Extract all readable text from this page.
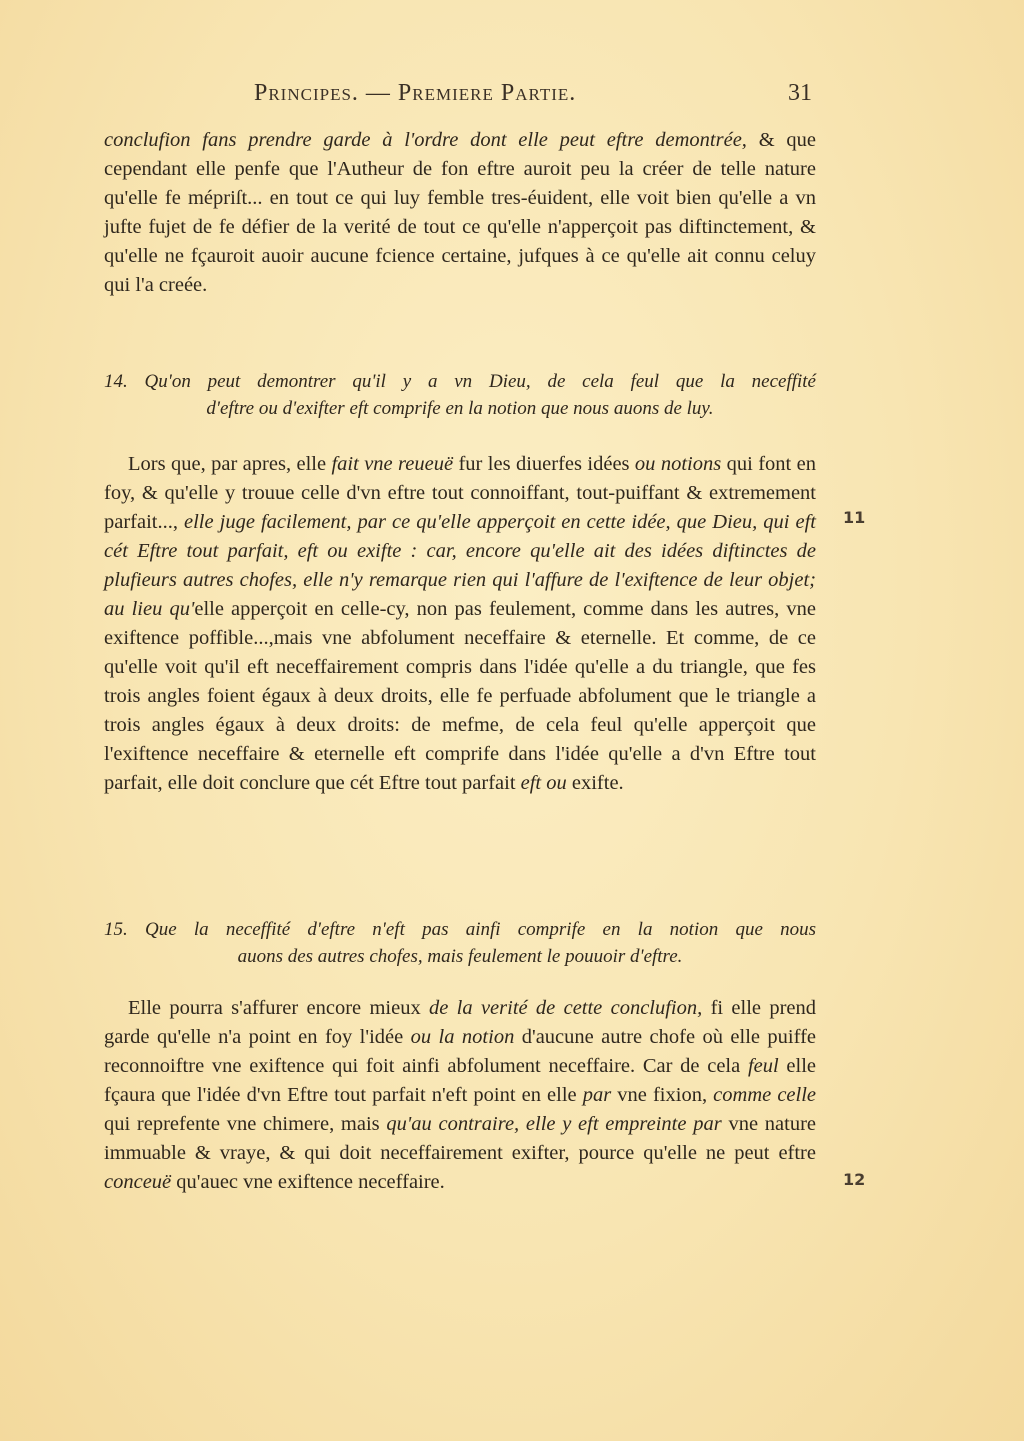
Principes. — Premiere Partie.	31

conclufion fans prendre garde à l'ordre dont elle peut eftre demontrée, & que cependant elle penfe que l'Autheur de fon eftre auroit peu la créer de telle nature qu'elle fe mépriſt... en tout ce qui luy femble tres-éuident, elle voit bien qu'elle a vn jufte fujet de fe défier de la verité de tout ce qu'elle n'apperçoit pas diftinctement, & qu'elle ne fçauroit auoir aucune fcience certaine, jufques à ce qu'elle ait connu celuy qui l'a creée.

14. Qu'on peut demontrer qu'il y a vn Dieu, de cela feul que la neceffité
d'eftre ou d'exifter eft comprife en la notion que nous auons de luy.

Lors que, par apres, elle fait vne reueuë fur les diuerfes idées ou notions qui font en foy, & qu'elle y trouue celle d'vn eftre tout connoiffant, tout-puiffant & extremement parfait..., elle juge facilement, par ce qu'elle apperçoit en cette idée, que Dieu, qui eft cét Eftre tout parfait, eft ou exifte : car, encore qu'elle ait des idées diftinctes de plufieurs autres chofes, elle n'y remarque rien qui l'affure de l'exiftence de leur objet; au lieu qu'elle apperçoit en celle-cy, non pas feulement, comme dans les autres, vne exiftence poffible...,mais vne abfolument neceffaire & eternelle. Et comme, de ce qu'elle voit qu'il eft neceffairement compris dans l'idée qu'elle a du triangle, que fes trois angles foient égaux à deux droits, elle fe perfuade abfolument que le triangle a trois angles égaux à deux droits: de mefme, de cela feul qu'elle apperçoit que l'exiftence neceffaire & eternelle eft comprife dans l'idée qu'elle a d'vn Eftre tout parfait, elle doit conclure que cét Eftre tout parfait eft ou exifte.

11
15. Que la neceffité d'eftre n'eft pas ainfi comprife en la notion que nous
auons des autres chofes, mais feulement le pouuoir d'eftre.

Elle pourra s'affurer encore mieux de la verité de cette conclufion, fi elle prend garde qu'elle n'a point en foy l'idée ou la notion d'aucune autre chofe où elle puiffe reconnoiftre vne exiftence qui foit ainfi abfolument neceffaire. Car de cela feul elle fçaura que l'idée d'vn Eftre tout parfait n'eft point en elle par vne fixion, comme celle qui reprefente vne chimere, mais qu'au contraire, elle y eft empreinte par vne nature immuable & vraye, & qui doit neceffairement exifter, pource qu'elle ne peut eftre conceuë qu'auec vne exiftence neceffaire.	12
